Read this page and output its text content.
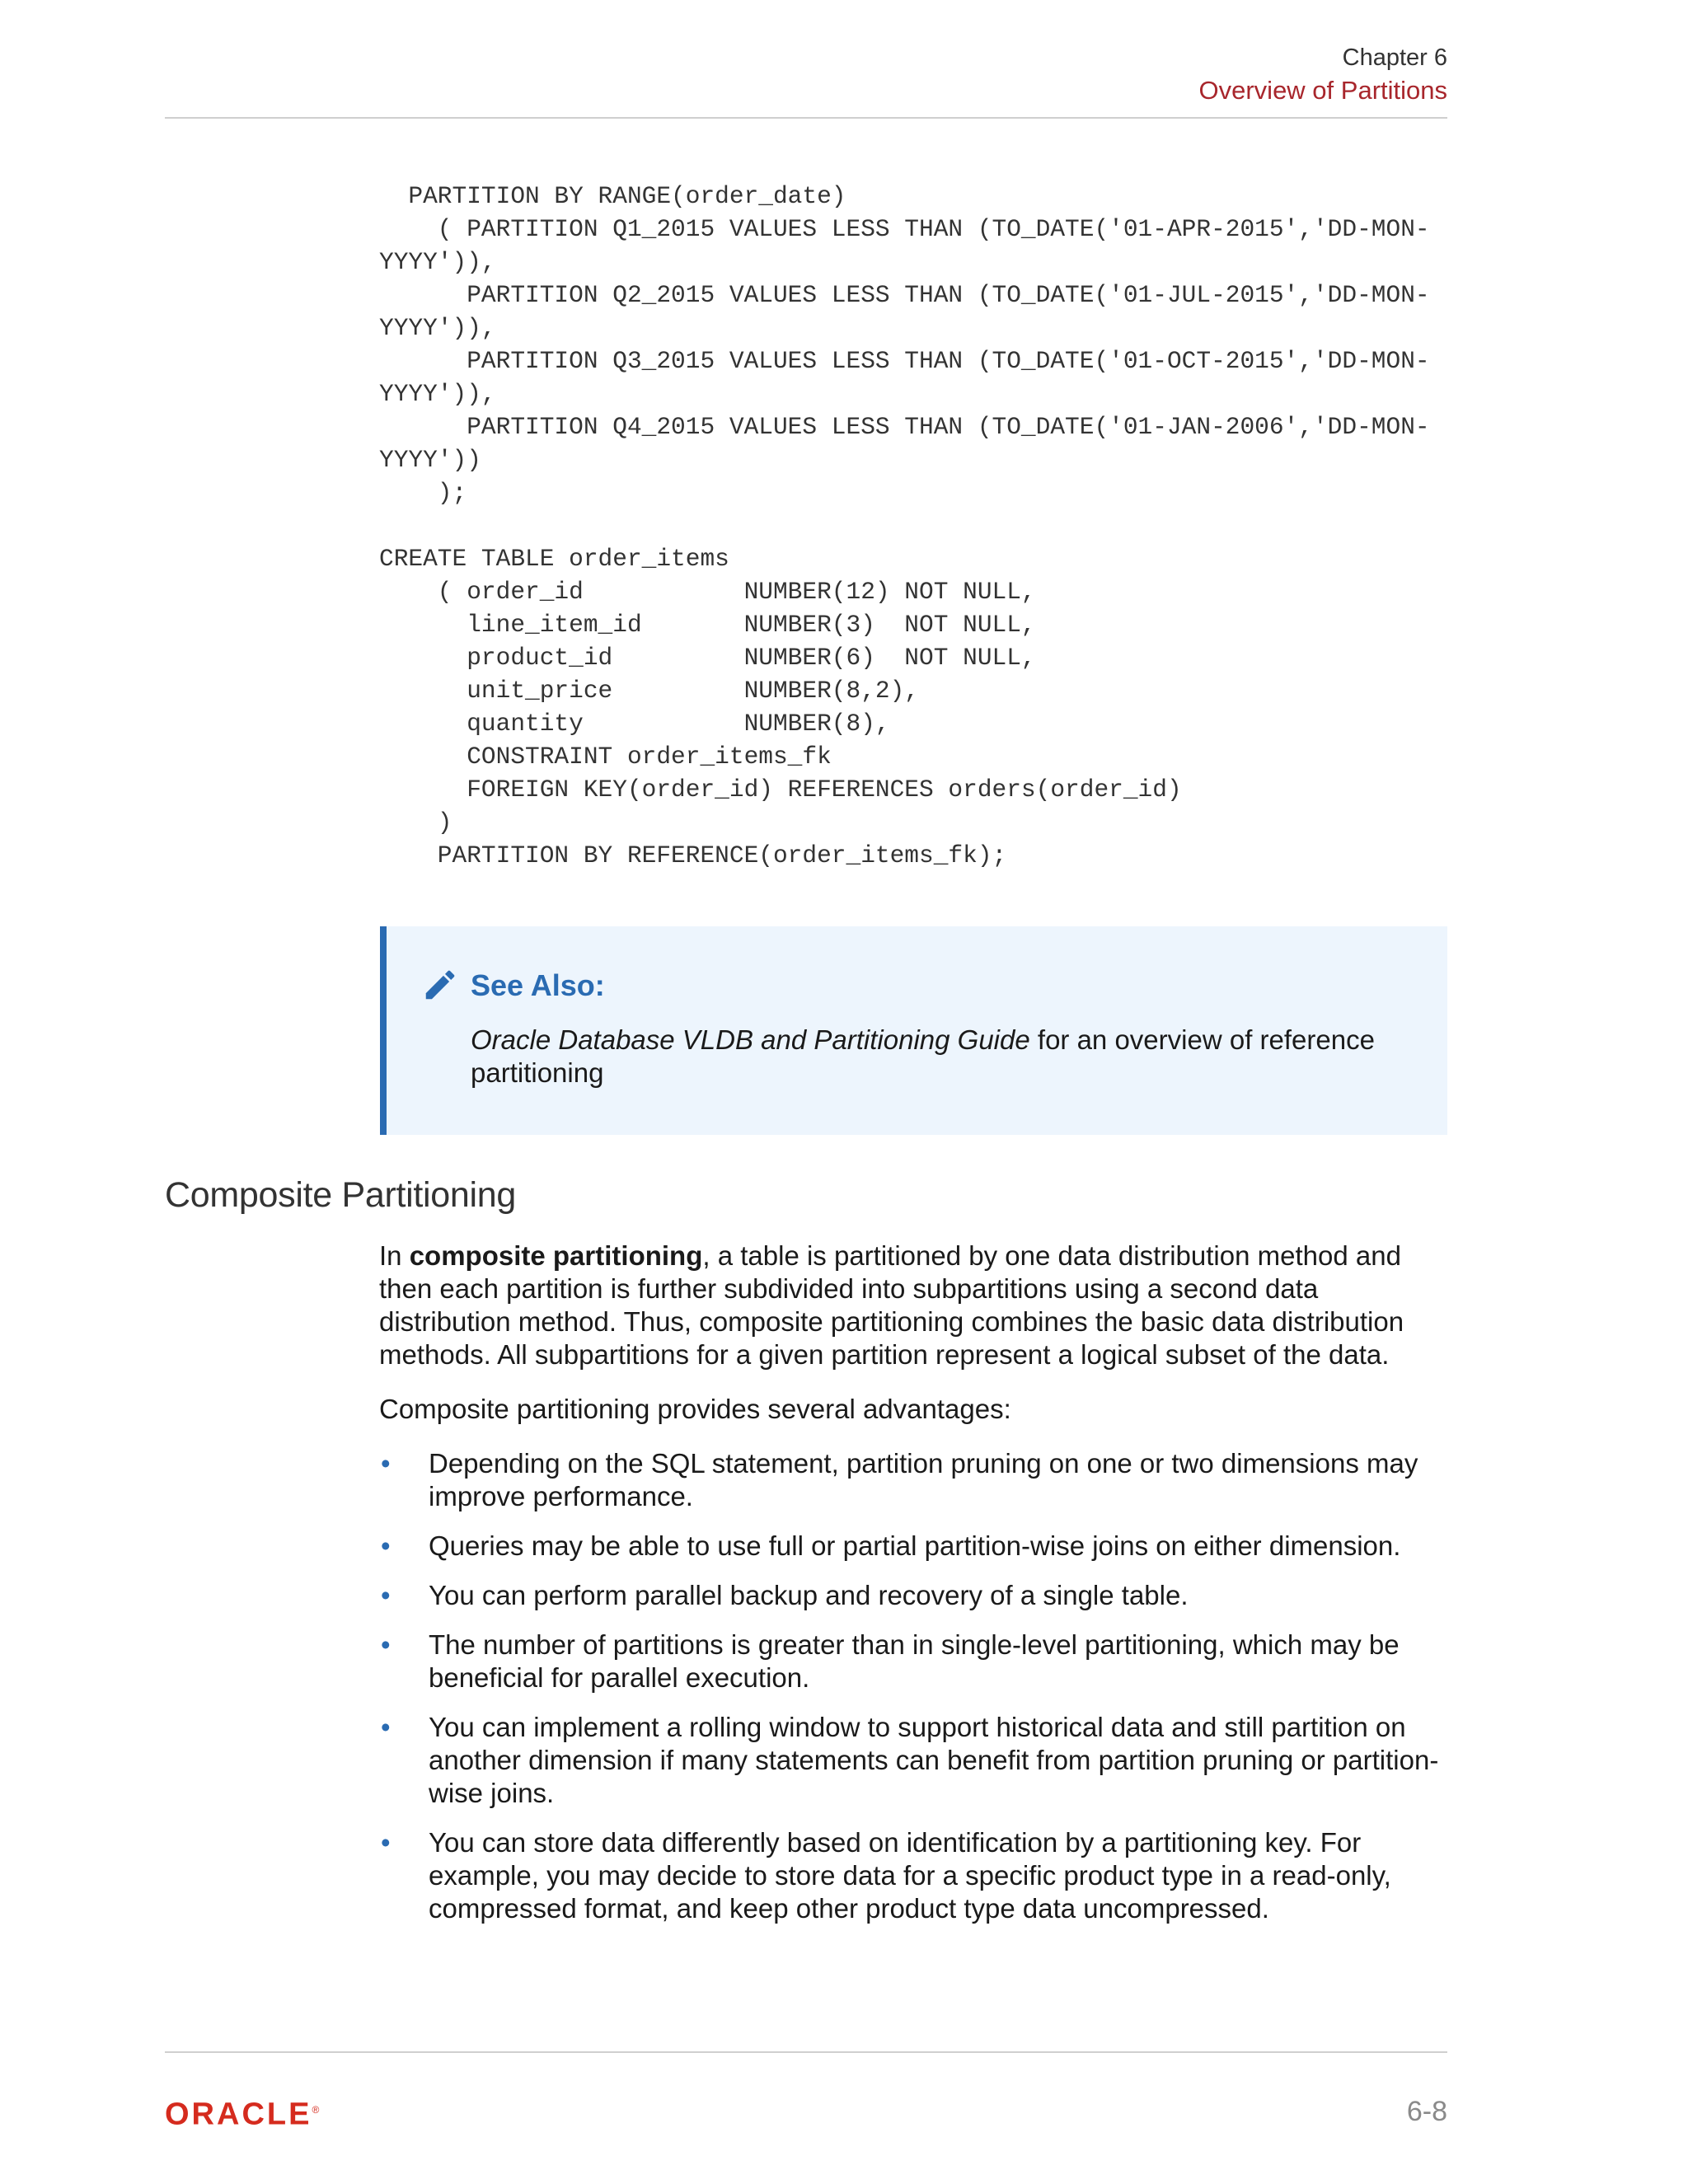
Chapter 6
Overview of Partitions
PARTITION BY RANGE(order_date)
( PARTITION Q1_2015 VALUES LESS THAN (TO_DATE('01-APR-2015','DD-MON-
YYYY')),
PARTITION Q2_2015 VALUES LESS THAN (TO_DATE('01-JUL-2015','DD-MON-
YYYY')),
PARTITION Q3_2015 VALUES LESS THAN (TO_DATE('01-OCT-2015','DD-MON-
YYYY')),
PARTITION Q4_2015 VALUES LESS THAN (TO_DATE('01-JAN-2006','DD-MON-
YYYY'))
);
CREATE TABLE order_items
( order_id           NUMBER(12) NOT NULL,
line_item_id       NUMBER(3)  NOT NULL,
product_id         NUMBER(6)  NOT NULL,
unit_price         NUMBER(8,2),
quantity           NUMBER(8),
CONSTRAINT order_items_fk
FOREIGN KEY(order_id) REFERENCES orders(order_id)
)
PARTITION BY REFERENCE(order_items_fk);
See Also:
Oracle Database VLDB and Partitioning Guide for an overview of reference partitioning
Composite Partitioning

In composite partitioning, a table is partitioned by one data distribution method and then each partition is further subdivided into subpartitions using a second data distribution method. Thus, composite partitioning combines the basic data distribution methods. All subpartitions for a given partition represent a logical subset of the data.

Composite partitioning provides several advantages:

• Depending on the SQL statement, partition pruning on one or two dimensions may improve performance.
• Queries may be able to use full or partial partition-wise joins on either dimension.
• You can perform parallel backup and recovery of a single table.
• The number of partitions is greater than in single-level partitioning, which may be beneficial for parallel execution.
• You can implement a rolling window to support historical data and still partition on another dimension if many statements can benefit from partition pruning or partition-wise joins.
• You can store data differently based on identification by a partitioning key. For example, you may decide to store data for a specific product type in a read-only, compressed format, and keep other product type data uncompressed.
ORACLE®	6-8
